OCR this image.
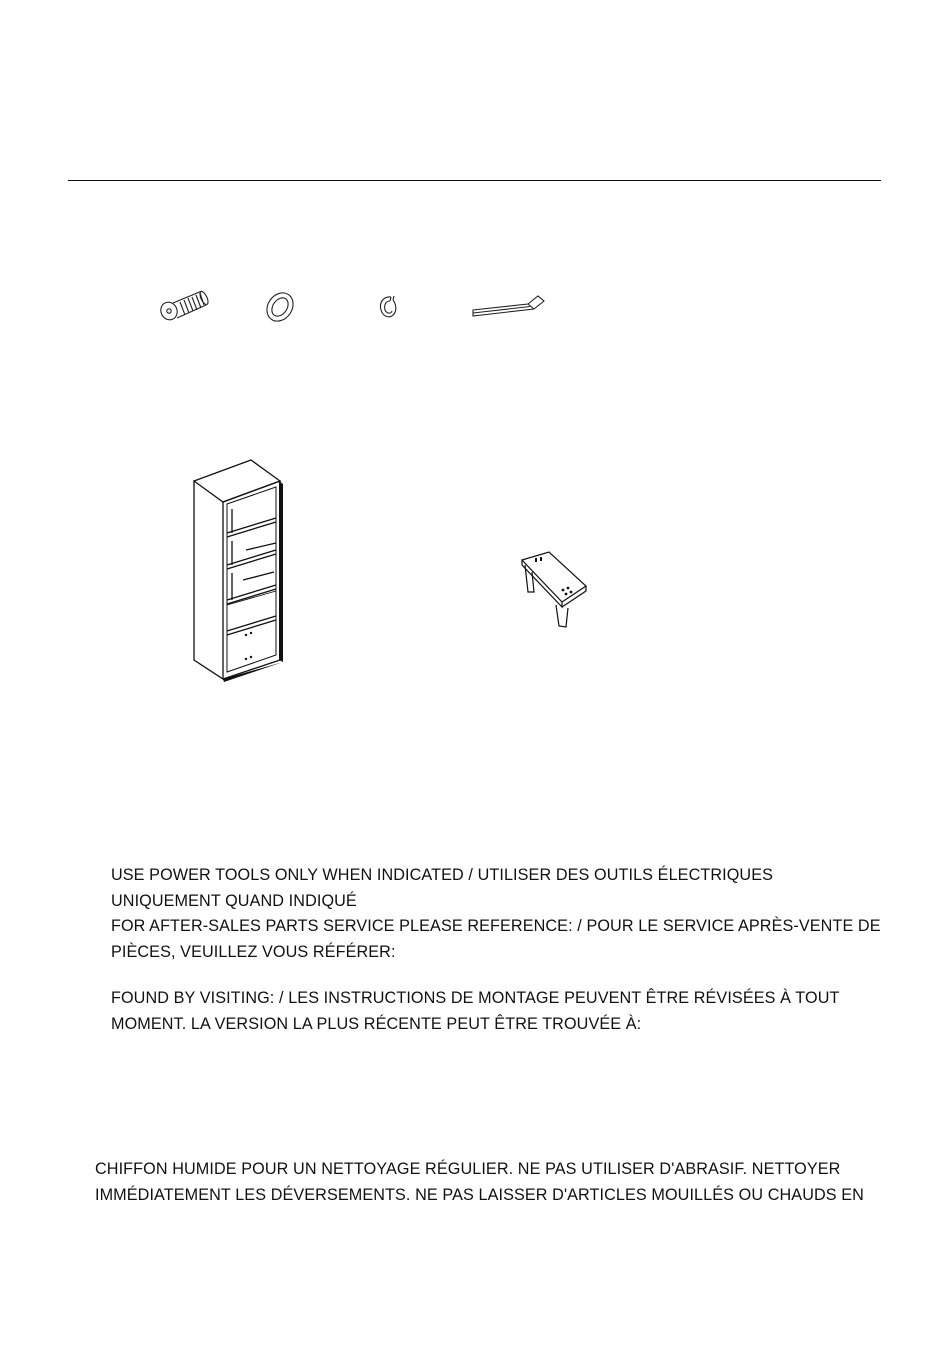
USE POWER TOOLS ONLY WHEN INDICATED / UTILISER DES OUTILS ÉLECTRIQUES UNIQUEMENT QUAND INDIQUÉ
FOR AFTER-SALES PARTS SERVICE PLEASE REFERENCE: / POUR LE SERVICE APRÈS-VENTE DE PIÈCES, VEUILLEZ VOUS RÉFÉRER:
FOUND BY VISITING: / LES INSTRUCTIONS DE MONTAGE PEUVENT ÊTRE RÉVISÉES À TOUT MOMENT. LA VERSION LA PLUS RÉCENTE PEUT ÊTRE TROUVÉE À:
CHIFFON HUMIDE POUR UN NETTOYAGE RÉGULIER. NE PAS UTILISER D'ABRASIF. NETTOYER
IMMÉDIATEMENT LES DÉVERSEMENTS. NE PAS LAISSER D'ARTICLES MOUILLÉS OU CHAUDS EN
